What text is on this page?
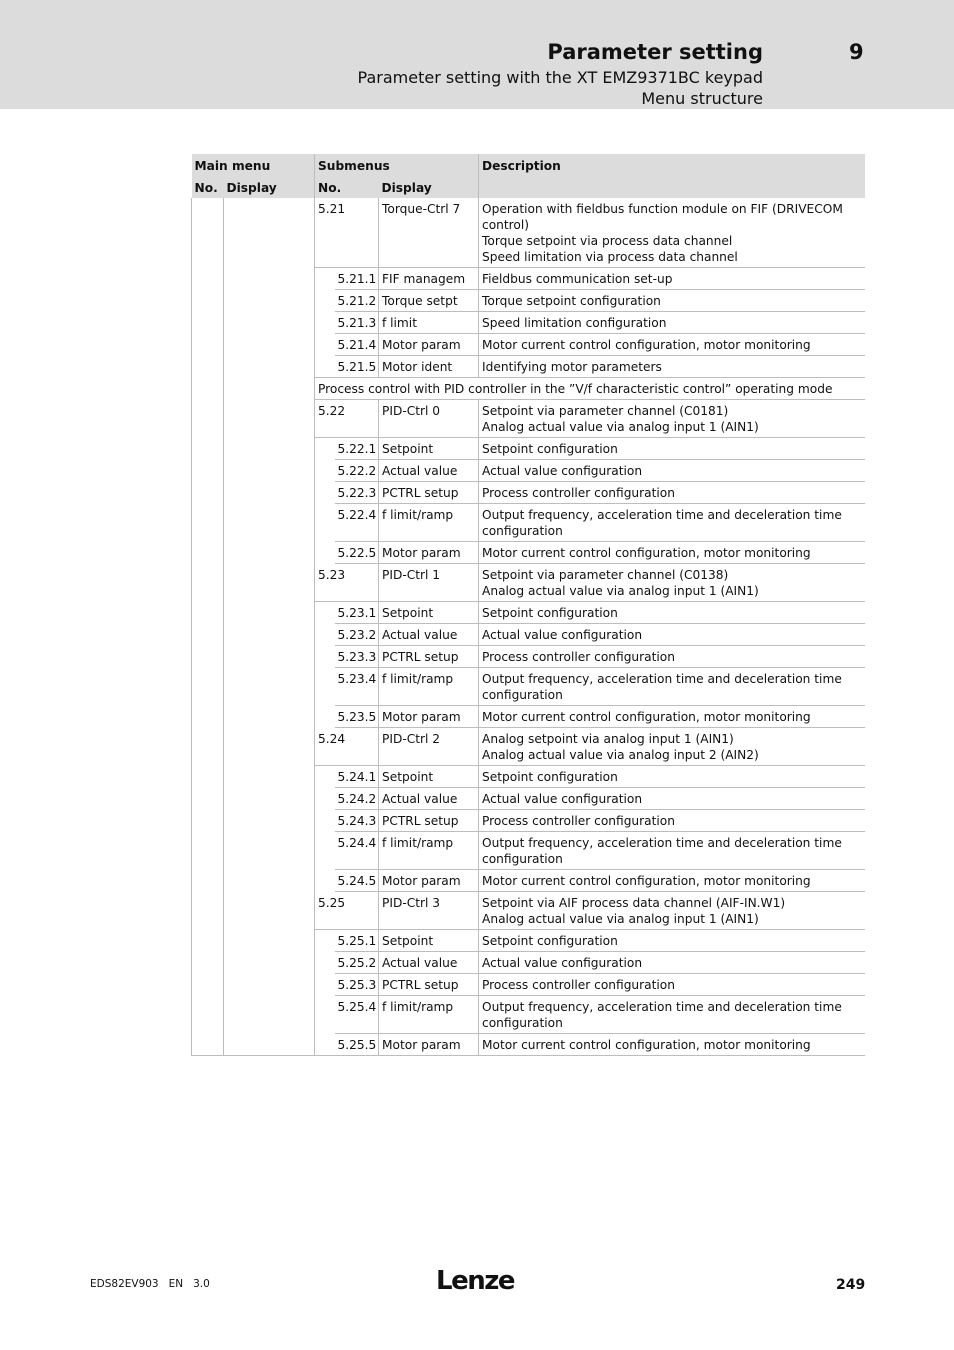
Parameter setting	9
Parameter setting with the XT EMZ9371BC keypad
Menu structure
Main menu		Submenus			Description
No.	Display	No.		Display	
		5.21		Torque-Ctrl 7	Operation with fieldbus function module on FIF (DRIVECOM control)
Torque setpoint via process data channel
Speed limitation via process data channel

			5.21.1	FIF managem	Fieldbus communication set-up

			5.21.2	Torque setpt	Torque setpoint configuration

			5.21.3	f limit	Speed limitation configuration

			5.21.4	Motor param	Motor current control configuration, motor monitoring

			5.21.5	Motor ident	Identifying motor parameters

		Process control with PID controller in the ”V/f characteristic control” operating mode			
		5.22		PID-Ctrl 0	Setpoint via parameter channel (C0181)
Analog actual value via analog input 1 (AIN1)

			5.22.1	Setpoint	Setpoint configuration

			5.22.2	Actual value	Actual value configuration

			5.22.3	PCTRL setup	Process controller configuration

			5.22.4	f limit/ramp	Output frequency, acceleration time and deceleration time configuration

			5.22.5	Motor param	Motor current control configuration, motor monitoring

		5.23		PID-Ctrl 1	Setpoint via parameter channel (C0138)
Analog actual value via analog input 1 (AIN1)

			5.23.1	Setpoint	Setpoint configuration

			5.23.2	Actual value	Actual value configuration

			5.23.3	PCTRL setup	Process controller configuration

			5.23.4	f limit/ramp	Output frequency, acceleration time and deceleration time configuration

			5.23.5	Motor param	Motor current control configuration, motor monitoring

		5.24		PID-Ctrl 2	Analog setpoint via analog input 1 (AIN1)
Analog actual value via analog input 2 (AIN2)

			5.24.1	Setpoint	Setpoint configuration

			5.24.2	Actual value	Actual value configuration

			5.24.3	PCTRL setup	Process controller configuration

			5.24.4	f limit/ramp	Output frequency, acceleration time and deceleration time configuration

			5.24.5	Motor param	Motor current control configuration, motor monitoring

		5.25		PID-Ctrl 3	Setpoint via AIF process data channel (AIF-IN.W1)
Analog actual value via analog input 1 (AIN1)

			5.25.1	Setpoint	Setpoint configuration

			5.25.2	Actual value	Actual value configuration

			5.25.3	PCTRL setup	Process controller configuration

			5.25.4	f limit/ramp	Output frequency, acceleration time and deceleration time configuration

			5.25.5	Motor param	Motor current control configuration, motor monitoring

EDS82EV903   EN   3.0	Lenze	249
